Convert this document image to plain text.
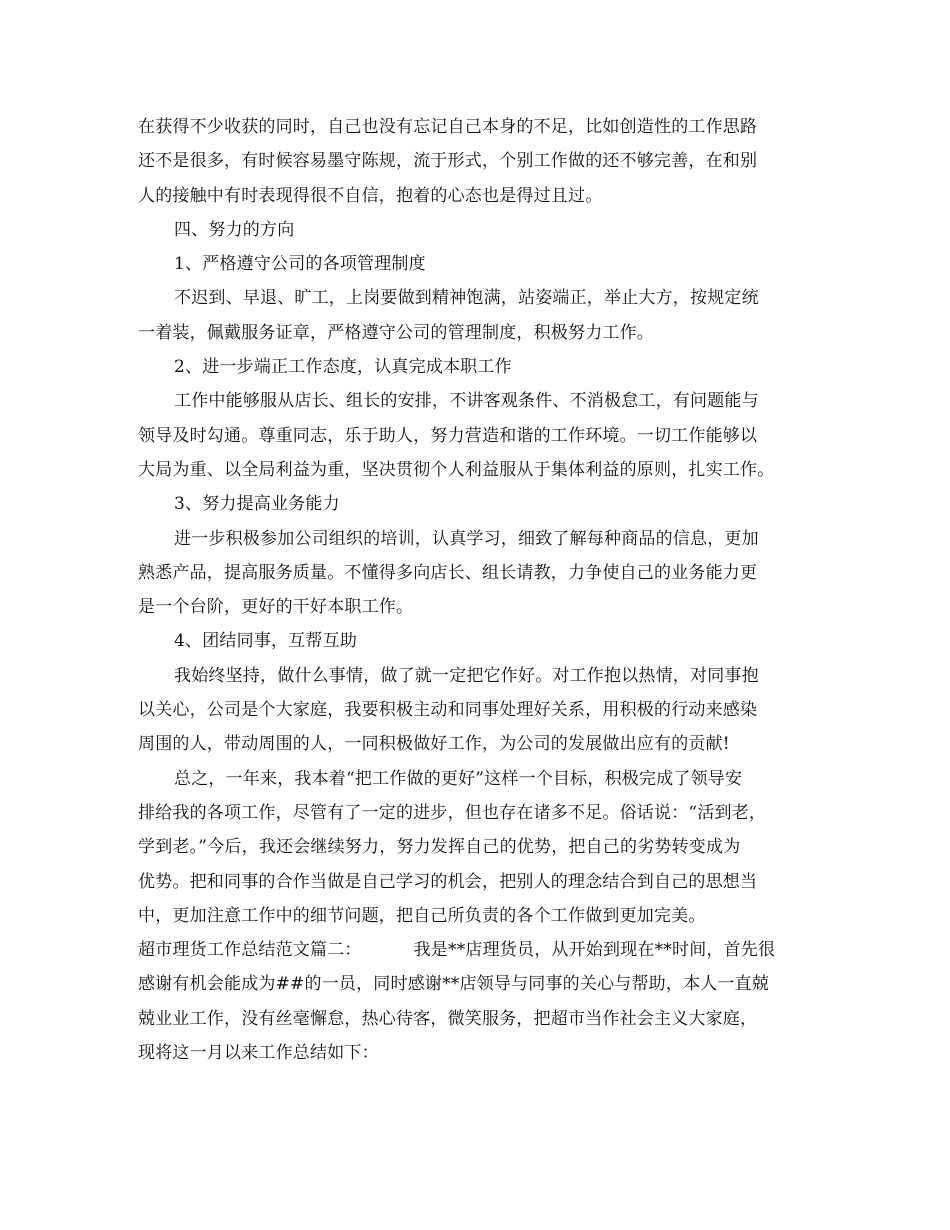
在获得不少收获的同时，自己也没有忘记自己本身的不足，比如创造性的工作思路
还不是很多，有时候容易墨守陈规，流于形式，个别工作做的还不够完善，在和别
人的接触中有时表现得很不自信，抱着的心态也是得过且过。
四、努力的方向
1、严格遵守公司的各项管理制度
不迟到、早退、旷工，上岗要做到精神饱满，站姿端正，举止大方，按规定统
一着装，佩戴服务证章，严格遵守公司的管理制度，积极努力工作。
2、进一步端正工作态度，认真完成本职工作
工作中能够服从店长、组长的安排，不讲客观条件、不消极怠工，有问题能与
领导及时勾通。尊重同志，乐于助人，努力营造和谐的工作环境。一切工作能够以
大局为重、以全局利益为重，坚决贯彻个人利益服从于集体利益的原则，扎实工作。
3、努力提高业务能力
进一步积极参加公司组织的培训，认真学习，细致了解每种商品的信息，更加
熟悉产品，提高服务质量。不懂得多向店长、组长请教，力争使自己的业务能力更
是一个台阶，更好的干好本职工作。
4、团结同事，互帮互助
我始终坚持，做什么事情，做了就一定把它作好。对工作抱以热情，对同事抱
以关心，公司是个大家庭，我要积极主动和同事处理好关系，用积极的行动来感染
周围的人，带动周围的人，一同积极做好工作，为公司的发展做出应有的贡献!
总之，一年来，我本着“把工作做的更好”这样一个目标，积极完成了领导安
排给我的各项工作，尽管有了一定的进步，但也存在诸多不足。俗话说：“活到老，
学到老。”今后，我还会继续努力，努力发挥自己的优势，把自己的劣势转变成为
优势。把和同事的合作当做是自己学习的机会，把别人的理念结合到自己的思想当
中，更加注意工作中的细节问题，把自己所负责的各个工作做到更加完美。
超市理货工作总结范文篇二：	我是**店理货员，从开始到现在**时间，首先很
感谢有机会能成为##的一员，同时感谢**店领导与同事的关心与帮助，本人一直兢
兢业业工作，没有丝毫懈怠，热心待客，微笑服务，把超市当作社会主义大家庭，
现将这一月以来工作总结如下：
